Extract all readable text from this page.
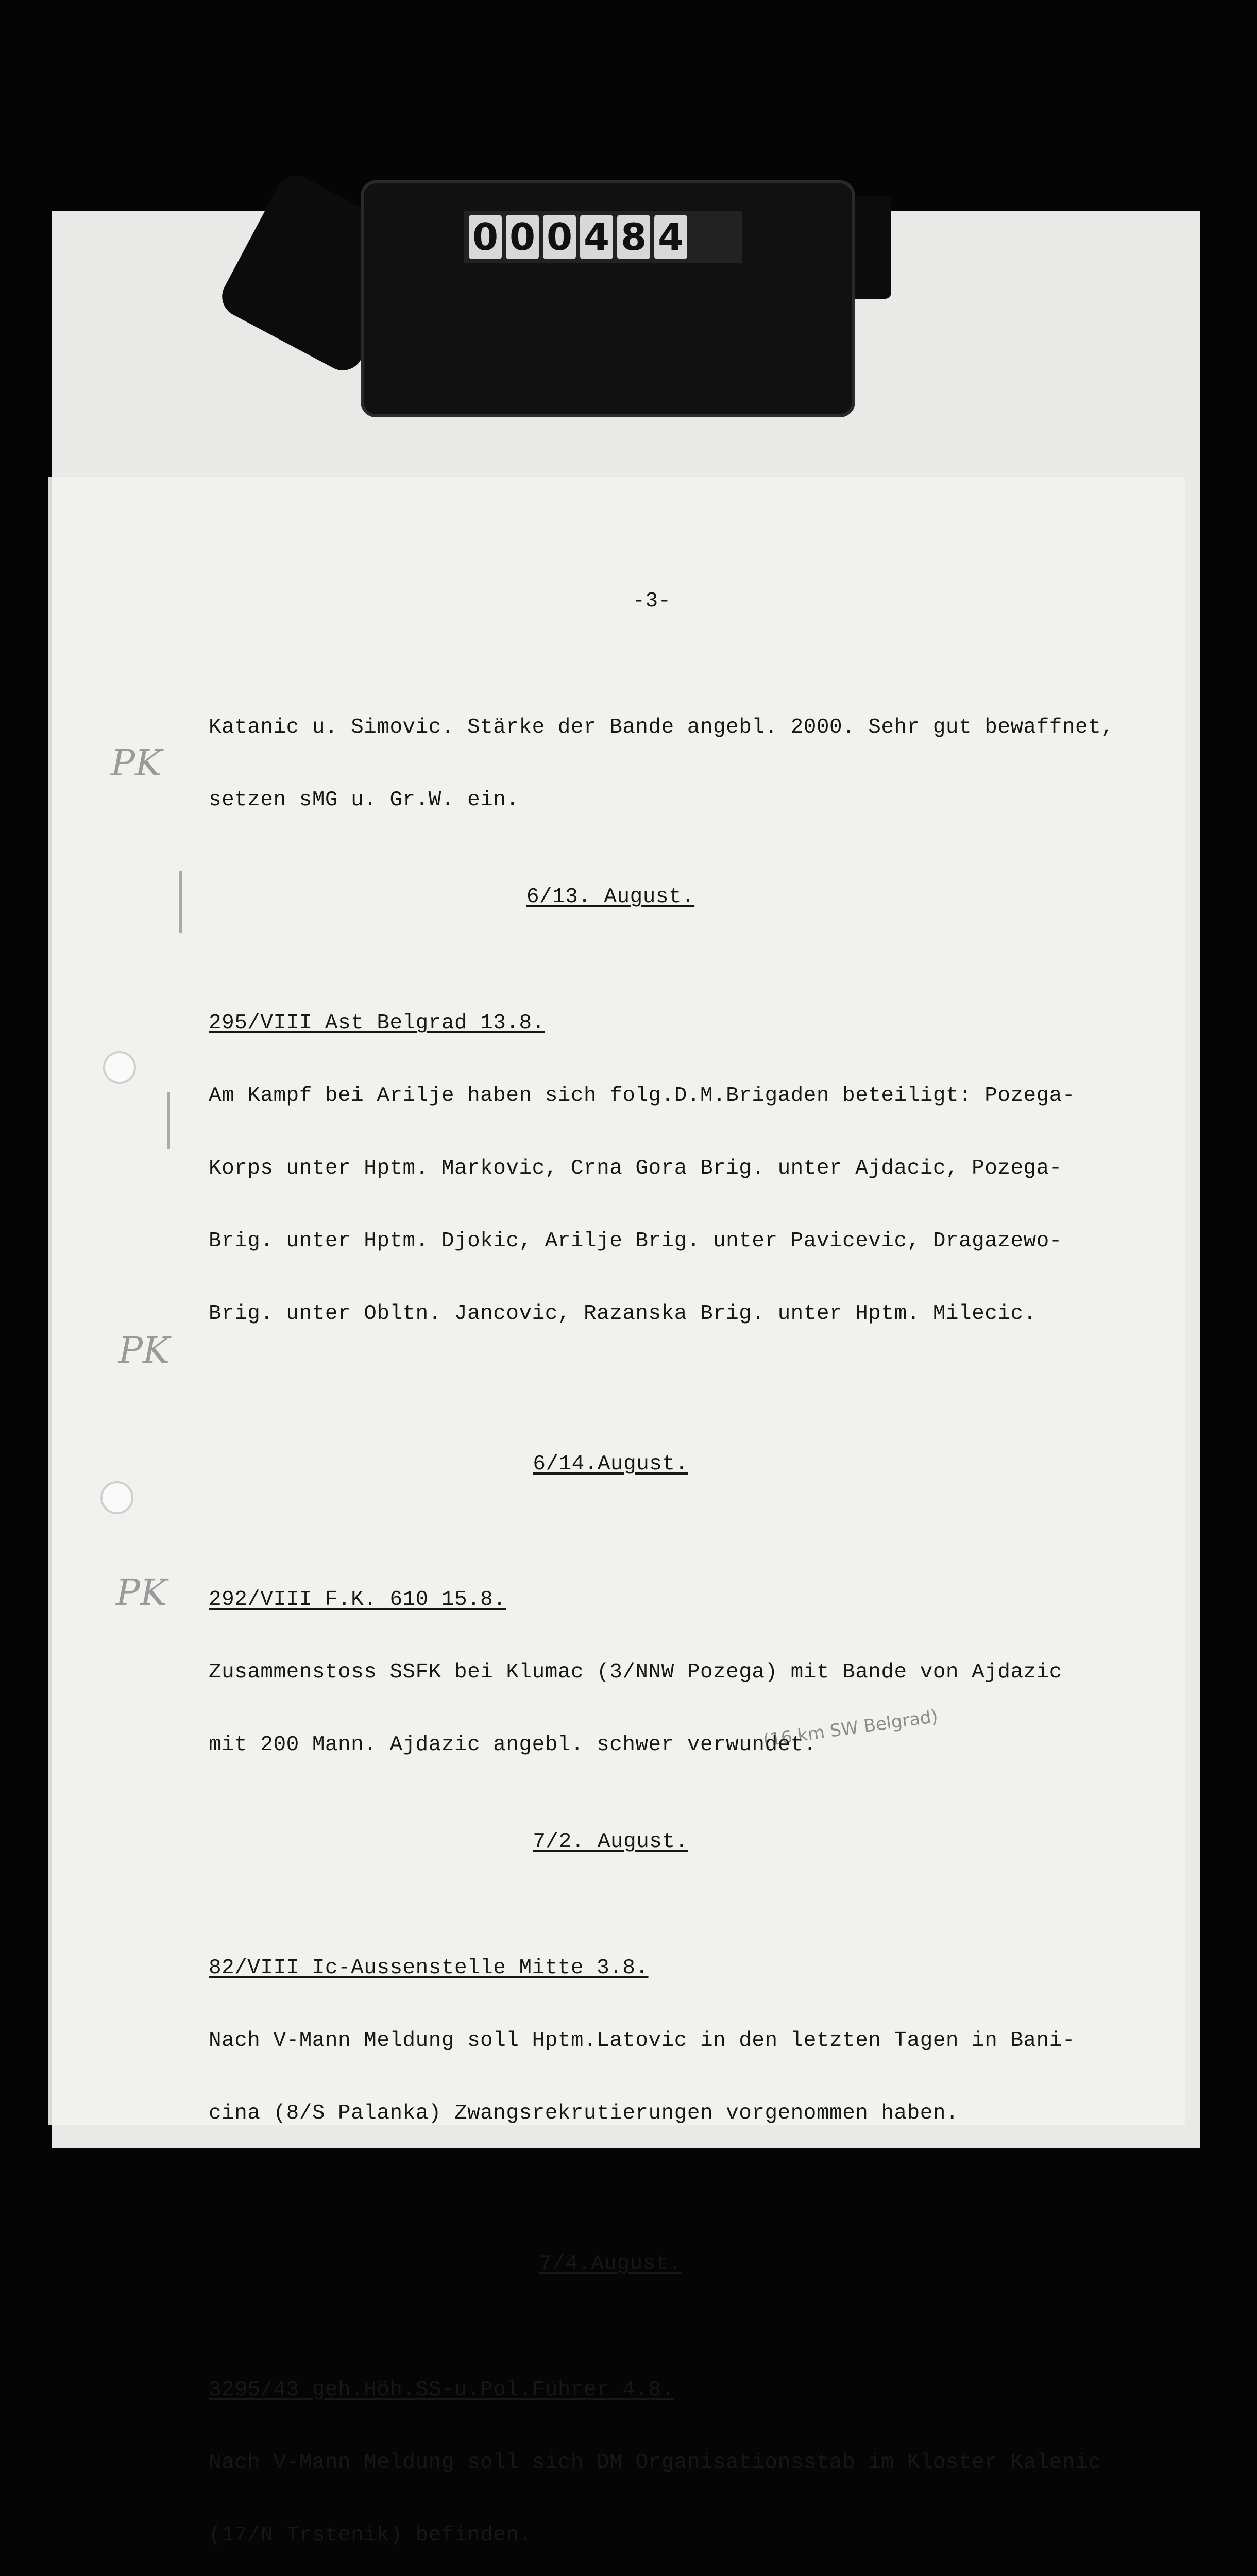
0 0 0 4 8 4
PK
PK
PK
(16 km SW Belgrad)

-3-

Katanic u. Simovic. Stärke der Bande angebl. 2000. Sehr gut bewaffnet,

setzen sMG u. Gr.W. ein.

6/13. August.

295/VIII Ast Belgrad 13.8.

Am Kampf bei Arilje haben sich folg.D.M.Brigaden beteiligt: Pozega-

Korps unter Hptm. Markovic, Crna Gora Brig. unter Ajdacic, Pozega-

Brig. unter Hptm. Djokic, Arilje Brig. unter Pavicevic, Dragazewo-

Brig. unter Obltn. Jancovic, Razanska Brig. unter Hptm. Milecic.

6/14.August.

292/VIII F.K. 610 15.8.

Zusammenstoss SSFK bei Klumac (3/NNW Pozega) mit Bande von Ajdazic

mit 200 Mann. Ajdazic angebl. schwer verwundet.

7/2. August.

82/VIII Ic-Aussenstelle Mitte 3.8.

Nach V-Mann Meldung soll Hptm.Latovic in den letzten Tagen in Bani-

cina (8/S Palanka) Zwangsrekrutierungen vorgenommen haben.

7/4.August.

3295/43 geh.Höh.SS-u.Pol.Führer 4.8.

Nach V-Mann Meldung soll sich DM Organisationsstab im Kloster Kalenic

(17/N Trstenik) befinden.
